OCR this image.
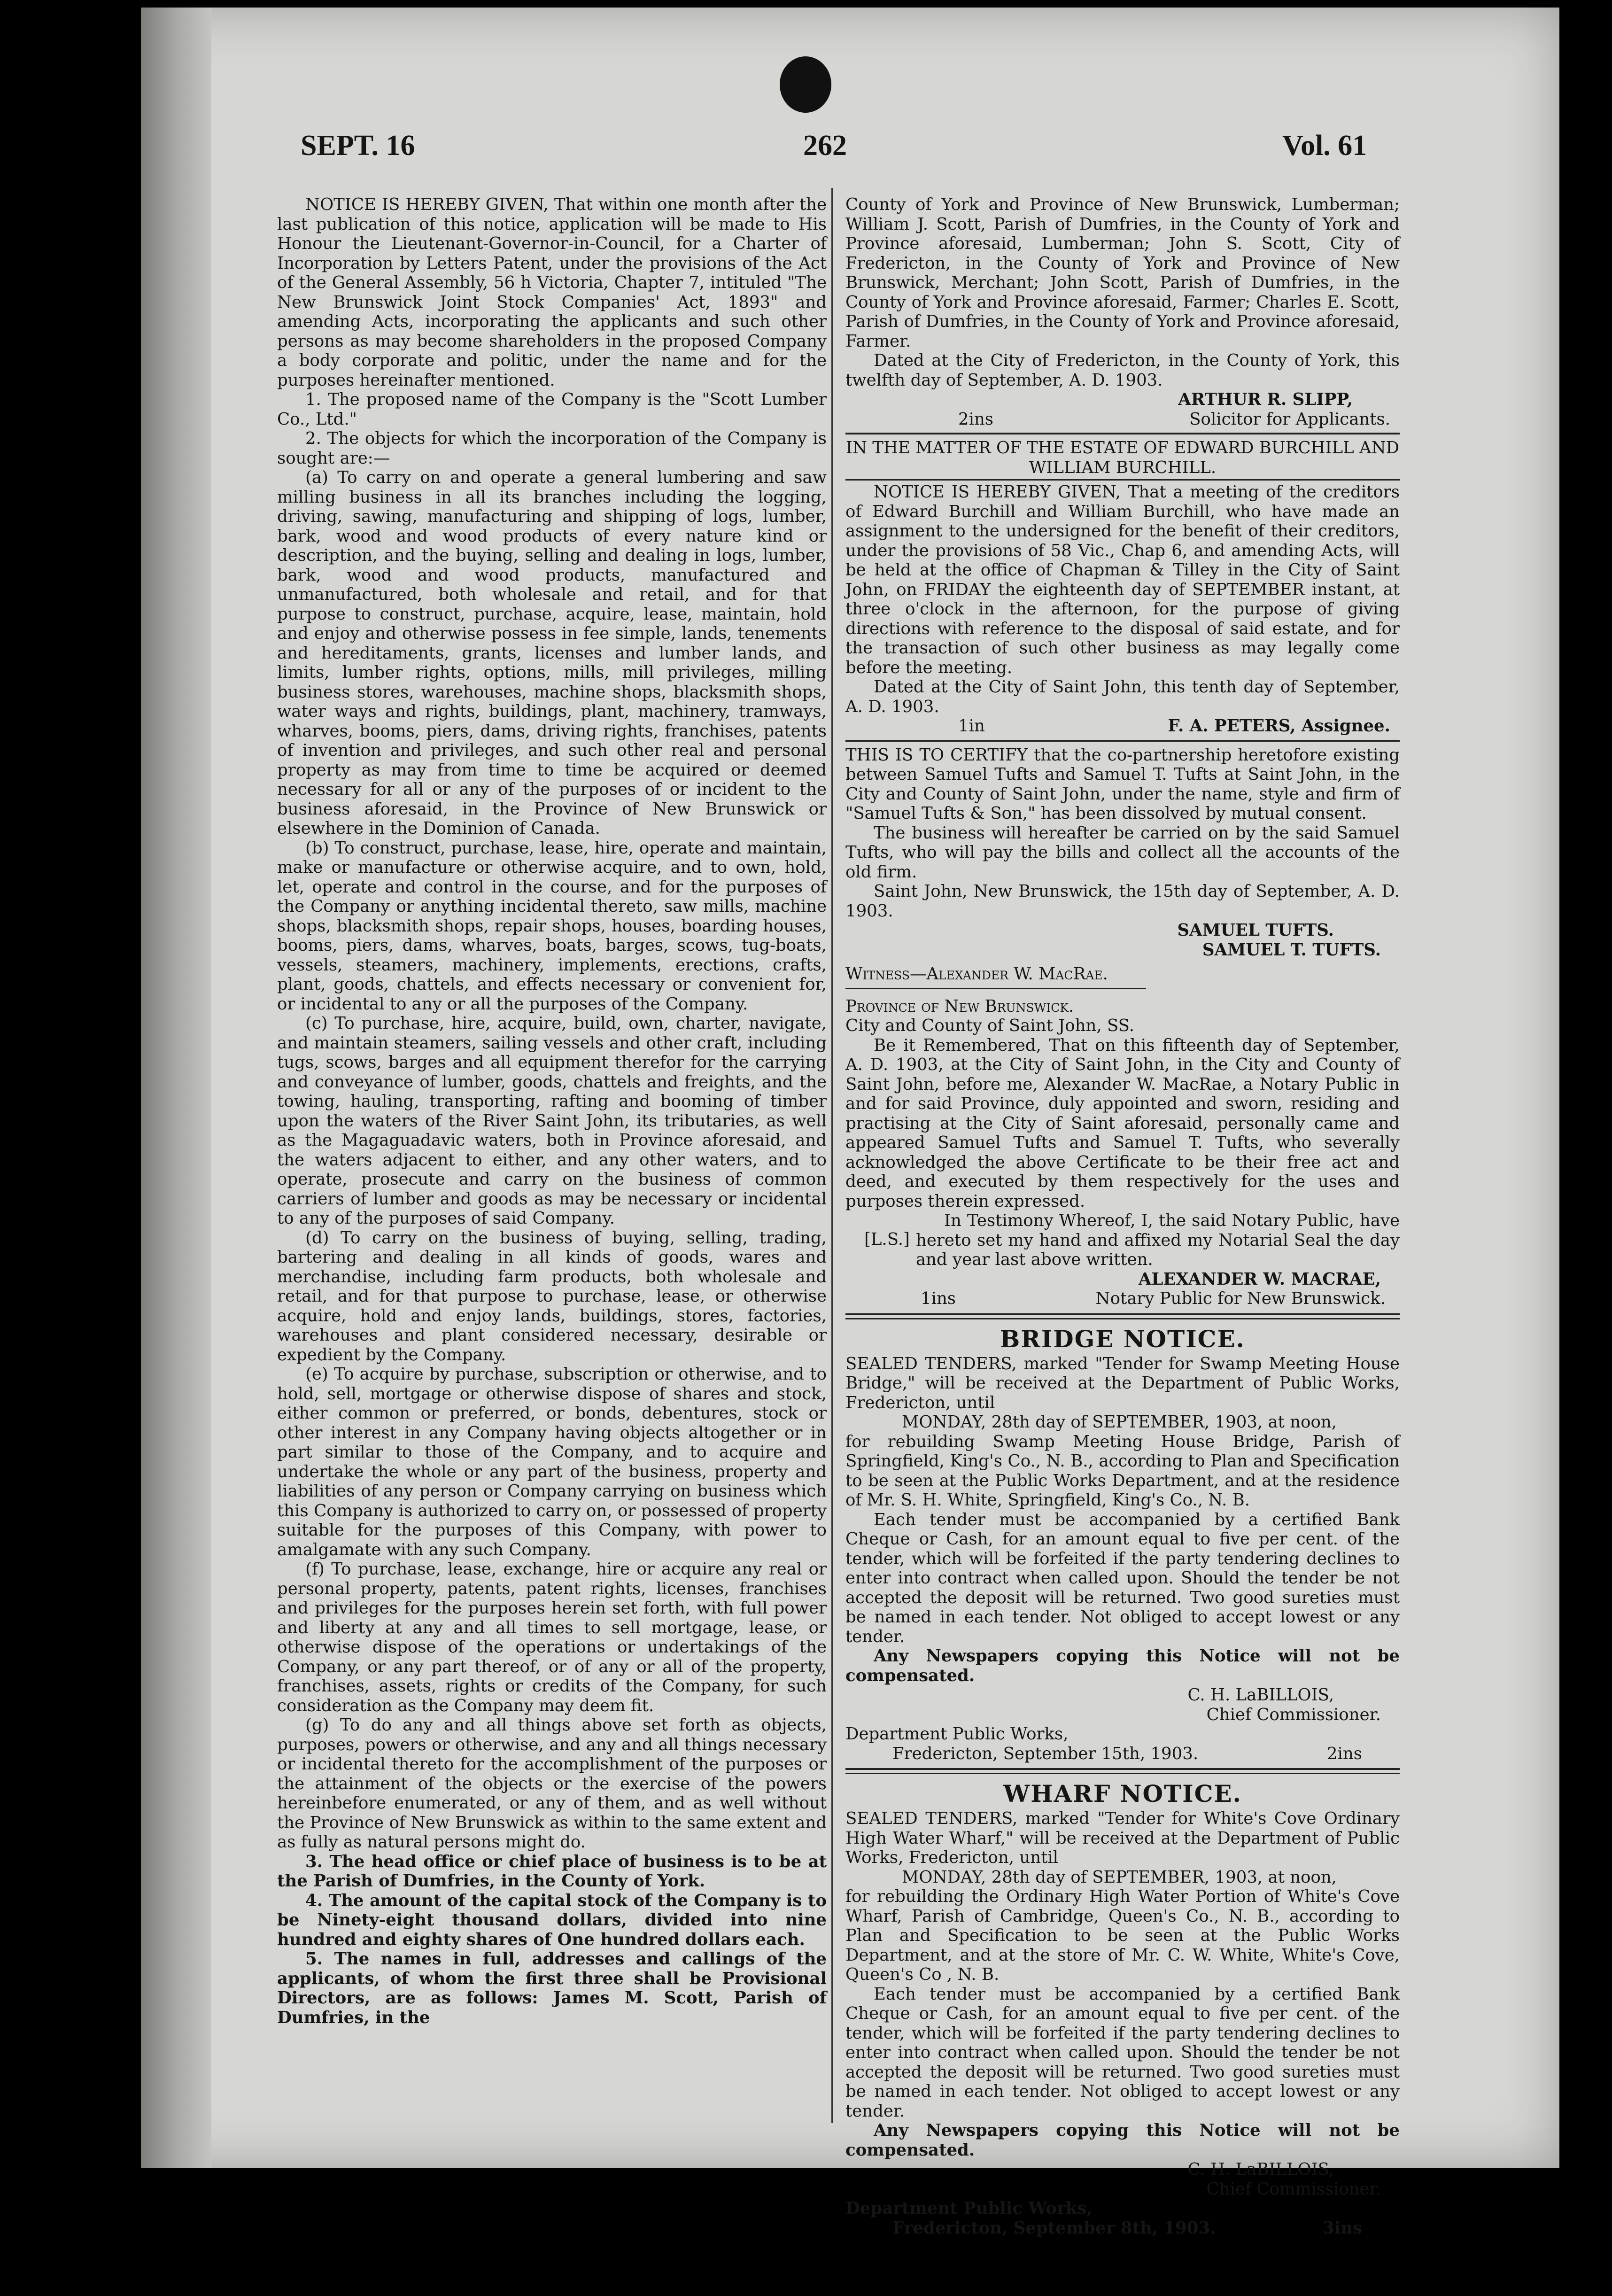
SEPT. 16	262	Vol. 61

NOTICE IS HEREBY GIVEN, That within one month after the last publication of this notice, application will be made to His Honour the Lieutenant-Governor-in-Council, for a Charter of Incorporation by Letters Patent, under the provisions of the Act of the General Assembly, 56 h Victoria, Chapter 7, intituled "The New Brunswick Joint Stock Companies' Act, 1893" and amending Acts, incorporating the applicants and such other persons as may become shareholders in the proposed Company a body corporate and politic, under the name and for the purposes hereinafter mentioned.

1. The proposed name of the Company is the "Scott Lumber Co., Ltd."

2. The objects for which the incorporation of the Company is sought are:—

(a) To carry on and operate a general lumbering and saw milling business in all its branches including the logging, driving, sawing, manufacturing and shipping of logs, lumber, bark, wood and wood products of every nature kind or description, and the buying, selling and dealing in logs, lumber, bark, wood and wood products, manufactured and unmanufactured, both wholesale and retail, and for that purpose to construct, purchase, acquire, lease, maintain, hold and enjoy and otherwise possess in fee simple, lands, tenements and hereditaments, grants, licenses and lumber lands, and limits, lumber rights, options, mills, mill privileges, milling business stores, warehouses, machine shops, blacksmith shops, water ways and rights, buildings, plant, machinery, tramways, wharves, booms, piers, dams, driving rights, franchises, patents of invention and privileges, and such other real and personal property as may from time to time be acquired or deemed necessary for all or any of the purposes of or incident to the business aforesaid, in the Province of New Brunswick or elsewhere in the Dominion of Canada.

(b) To construct, purchase, lease, hire, operate and maintain, make or manufacture or otherwise acquire, and to own, hold, let, operate and control in the course, and for the purposes of the Company or anything incidental thereto, saw mills, machine shops, blacksmith shops, repair shops, houses, boarding houses, booms, piers, dams, wharves, boats, barges, scows, tug-boats, vessels, steamers, machinery, implements, erections, crafts, plant, goods, chattels, and effects necessary or convenient for, or incidental to any or all the purposes of the Company.

(c) To purchase, hire, acquire, build, own, charter, navigate, and maintain steamers, sailing vessels and other craft, including tugs, scows, barges and all equipment therefor for the carrying and conveyance of lumber, goods, chattels and freights, and the towing, hauling, transporting, rafting and booming of timber upon the waters of the River Saint John, its tributaries, as well as the Magaguadavic waters, both in Province aforesaid, and the waters adjacent to either, and any other waters, and to operate, prosecute and carry on the business of common carriers of lumber and goods as may be necessary or incidental to any of the purposes of said Company.

(d) To carry on the business of buying, selling, trading, bartering and dealing in all kinds of goods, wares and merchandise, including farm products, both wholesale and retail, and for that purpose to purchase, lease, or otherwise acquire, hold and enjoy lands, buildings, stores, factories, warehouses and plant considered necessary, desirable or expedient by the Company.

(e) To acquire by purchase, subscription or otherwise, and to hold, sell, mortgage or otherwise dispose of shares and stock, either common or preferred, or bonds, debentures, stock or other interest in any Company having objects altogether or in part similar to those of the Company, and to acquire and undertake the whole or any part of the business, property and liabilities of any person or Company carrying on business which this Company is authorized to carry on, or possessed of property suitable for the purposes of this Company, with power to amalgamate with any such Company.

(f) To purchase, lease, exchange, hire or acquire any real or personal property, patents, patent rights, licenses, franchises and privileges for the purposes herein set forth, with full power and liberty at any and all times to sell mortgage, lease, or otherwise dispose of the operations or undertakings of the Company, or any part thereof, or of any or all of the property, franchises, assets, rights or credits of the Company, for such consideration as the Company may deem fit.

(g) To do any and all things above set forth as objects, purposes, powers or otherwise, and any and all things necessary or incidental thereto for the accomplishment of the purposes or the attainment of the objects or the exercise of the powers hereinbefore enumerated, or any of them, and as well without the Province of New Brunswick as within to the same extent and as fully as natural persons might do.

3. The head office or chief place of business is to be at the Parish of Dumfries, in the County of York.

4. The amount of the capital stock of the Company is to be Ninety-eight thousand dollars, divided into nine hundred and eighty shares of One hundred dollars each.

5. The names in full, addresses and callings of the applicants, of whom the first three shall be Provisional Directors, are as follows: James M. Scott, Parish of Dumfries, in the

County of York and Province of New Brunswick, Lumberman; William J. Scott, Parish of Dumfries, in the County of York and Province aforesaid, Lumberman; John S. Scott, City of Fredericton, in the County of York and Province of New Brunswick, Merchant; John Scott, Parish of Dumfries, in the County of York and Province aforesaid, Farmer; Charles E. Scott, Parish of Dumfries, in the County of York and Province aforesaid, Farmer.

Dated at the City of Fredericton, in the County of York, this twelfth day of September, A. D. 1903.

ARTHUR R. SLIPP,

2ins	Solicitor for Applicants.

IN THE MATTER OF THE ESTATE OF EDWARD BURCHILL AND WILLIAM BURCHILL.

NOTICE IS HEREBY GIVEN, That a meeting of the creditors of Edward Burchill and William Burchill, who have made an assignment to the undersigned for the benefit of their creditors, under the provisions of 58 Vic., Chap 6, and amending Acts, will be held at the office of Chapman & Tilley in the City of Saint John, on FRIDAY the eighteenth day of SEPTEMBER instant, at three o'clock in the afternoon, for the purpose of giving directions with reference to the disposal of said estate, and for the transaction of such other business as may legally come before the meeting.

Dated at the City of Saint John, this tenth day of September, A. D. 1903.

1in	F. A. PETERS, Assignee.

THIS IS TO CERTIFY that the co-partnership heretofore existing between Samuel Tufts and Samuel T. Tufts at Saint John, in the City and County of Saint John, under the name, style and firm of "Samuel Tufts & Son," has been dissolved by mutual consent.

The business will hereafter be carried on by the said Samuel Tufts, who will pay the bills and collect all the accounts of the old firm.

Saint John, New Brunswick, the 15th day of September, A. D. 1903.

SAMUEL TUFTS.

SAMUEL T. TUFTS.

Witness—Alexander W. MacRae.

Province of New Brunswick.

City and County of Saint John, SS.

Be it Remembered, That on this fifteenth day of September, A. D. 1903, at the City of Saint John, in the City and County of Saint John, before me, Alexander W. MacRae, a Notary Public in and for said Province, duly appointed and sworn, residing and practising at the City of Saint aforesaid, personally came and appeared Samuel Tufts and Samuel T. Tufts, who severally acknowledged the above Certificate to be their free act and deed, and executed by them respectively for the uses and purposes therein expressed.

[L.S.]

In Testimony Whereof, I, the said Notary Public, have hereto set my hand and affixed my Notarial Seal the day and year last above written.

ALEXANDER W. MACRAE,

1ins	Notary Public for New Brunswick.

BRIDGE NOTICE.

SEALED TENDERS, marked "Tender for Swamp Meeting House Bridge," will be received at the Department of Public Works, Fredericton, until

MONDAY, 28th day of SEPTEMBER, 1903, at noon,

for rebuilding Swamp Meeting House Bridge, Parish of Springfield, King's Co., N. B., according to Plan and Specification to be seen at the Public Works Department, and at the residence of Mr. S. H. White, Springfield, King's Co., N. B.

Each tender must be accompanied by a certified Bank Cheque or Cash, for an amount equal to five per cent. of the tender, which will be forfeited if the party tendering declines to enter into contract when called upon. Should the tender be not accepted the deposit will be returned. Two good sureties must be named in each tender. Not obliged to accept lowest or any tender.

Any Newspapers copying this Notice will not be compensated.

C. H. LaBILLOIS,

Chief Commissioner.

Department Public Works,

Fredericton, September 15th, 1903.	2ins

WHARF NOTICE.

SEALED TENDERS, marked "Tender for White's Cove Ordinary High Water Wharf," will be received at the Department of Public Works, Fredericton, until

MONDAY, 28th day of SEPTEMBER, 1903, at noon,

for rebuilding the Ordinary High Water Portion of White's Cove Wharf, Parish of Cambridge, Queen's Co., N. B., according to Plan and Specification to be seen at the Public Works Department, and at the store of Mr. C. W. White, White's Cove, Queen's Co , N. B.

Each tender must be accompanied by a certified Bank Cheque or Cash, for an amount equal to five per cent. of the tender, which will be forfeited if the party tendering declines to enter into contract when called upon. Should the tender be not accepted the deposit will be returned. Two good sureties must be named in each tender. Not obliged to accept lowest or any tender.

Any Newspapers copying this Notice will not be compensated.

C. H. LaBILLOIS,

Chief Commissioner.

Department Public Works,

Fredericton, September 8th, 1903.	3ins
